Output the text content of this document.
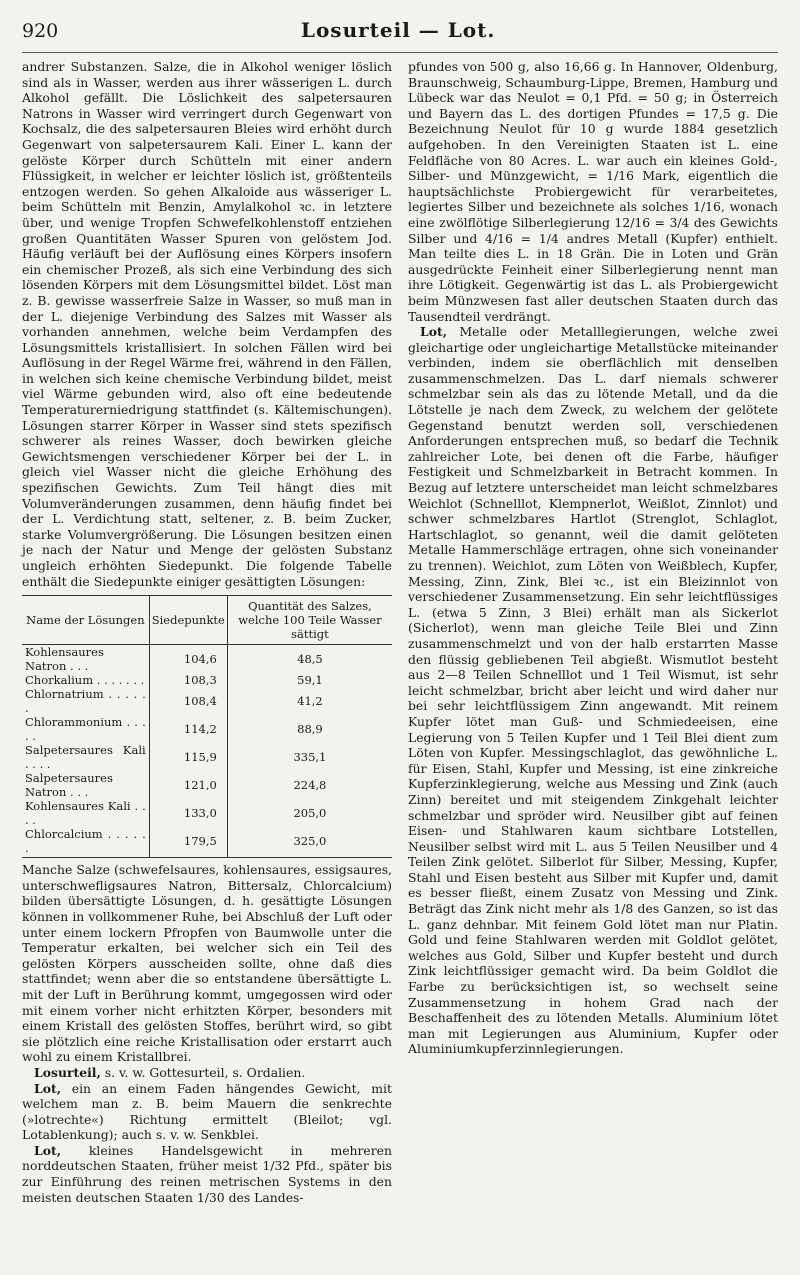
920	Losurteil — Lot.

andrer Substanzen. Salze, die in Alkohol weniger löslich sind als in Wasser, werden aus ihrer wässerigen L. durch Alkohol gefällt. Die Löslichkeit des salpetersauren Natrons in Wasser wird verringert durch Gegenwart von Kochsalz, die des salpetersauren Bleies wird erhöht durch Gegenwart von salpetersaurem Kali. Einer L. kann der gelöste Körper durch Schütteln mit einer andern Flüssigkeit, in welcher er leichter löslich ist, größtenteils entzogen werden. So gehen Alkaloide aus wässeriger L. beim Schütteln mit Benzin, Amylalkohol ꝛc. in letztere über, und wenige Tropfen Schwefelkohlenstoff entziehen großen Quantitäten Wasser Spuren von gelöstem Jod. Häufig verläuft bei der Auflösung eines Körpers insofern ein chemischer Prozeß, als sich eine Verbindung des sich lösenden Körpers mit dem Lösungsmittel bildet. Löst man z. B. gewisse wasserfreie Salze in Wasser, so muß man in der L. diejenige Verbindung des Salzes mit Wasser als vorhanden annehmen, welche beim Verdampfen des Lösungsmittels kristallisiert. In solchen Fällen wird bei Auflösung in der Regel Wärme frei, während in den Fällen, in welchen sich keine chemische Verbindung bildet, meist viel Wärme gebunden wird, also oft eine bedeutende Temperaturerniedrigung stattfindet (s. Kältemischungen). Lösungen starrer Körper in Wasser sind stets spezifisch schwerer als reines Wasser, doch bewirken gleiche Gewichtsmengen verschiedener Körper bei der L. in gleich viel Wasser nicht die gleiche Erhöhung des spezifischen Gewichts. Zum Teil hängt dies mit Volumveränderungen zusammen, denn häufig findet bei der L. Verdichtung statt, seltener, z. B. beim Zucker, starke Volumvergrößerung. Die Lösungen besitzen einen je nach der Natur und Menge der gelösten Substanz ungleich erhöhten Siedepunkt. Die folgende Tabelle enthält die Siedepunkte einiger gesättigten Lösungen:

Name der Lösungen	Siedepunkte	Quantität des Salzes, welche 100 Teile Wasser sättigt
Kohlensaures Natron . . .	104,6	48,5
Chorkalium . . . . . . .	108,3	59,1
Chlornatrium . . . . . .	108,4	41,2
Chlorammonium . . . . .	114,2	88,9
Salpetersaures Kali . . . .	115,9	335,1
Salpetersaures Natron . . .	121,0	224,8
Kohlensaures Kali . . . .	133,0	205,0
Chlorcalcium . . . . . .	179,5	325,0

Manche Salze (schwefelsaures, kohlensaures, essigsaures, unterschwefligsaures Natron, Bittersalz, Chlorcalcium) bilden übersättigte Lösungen, d. h. gesättigte Lösungen können in vollkommener Ruhe, bei Abschluß der Luft oder unter einem lockern Pfropfen von Baumwolle unter die Temperatur erkalten, bei welcher sich ein Teil des gelösten Körpers ausscheiden sollte, ohne daß dies stattfindet; wenn aber die so entstandene übersättigte L. mit der Luft in Berührung kommt, umgegossen wird oder mit einem vorher nicht erhitzten Körper, besonders mit einem Kristall des gelösten Stoffes, berührt wird, so gibt sie plötzlich eine reiche Kristallisation oder erstarrt auch wohl zu einem Kristallbrei.

Losurteil, s. v. w. Gottesurteil, s. Ordalien.

Lot, ein an einem Faden hängendes Gewicht, mit welchem man z. B. beim Mauern die senkrechte (»lotrechte«) Richtung ermittelt (Bleilot; vgl. Lotablenkung); auch s. v. w. Senkblei.

Lot, kleines Handelsgewicht in mehreren norddeutschen Staaten, früher meist 1/32 Pfd., später bis zur Einführung des reinen metrischen Systems in den meisten deutschen Staaten 1/30 des Landes-

pfundes von 500 g, also 16,66 g. In Hannover, Oldenburg, Braunschweig, Schaumburg-Lippe, Bremen, Hamburg und Lübeck war das Neulot = 0,1 Pfd. = 50 g; in Österreich und Bayern das L. des dortigen Pfundes = 17,5 g. Die Bezeichnung Neulot für 10 g wurde 1884 gesetzlich aufgehoben. In den Vereinigten Staaten ist L. eine Feldfläche von 80 Acres. L. war auch ein kleines Gold-, Silber- und Münzgewicht, = 1/16 Mark, eigentlich die hauptsächlichste Probiergewicht für verarbeitetes, legiertes Silber und bezeichnete als solches 1/16, wonach eine zwölflötige Silberlegierung 12/16 = 3/4 des Gewichts Silber und 4/16 = 1/4 andres Metall (Kupfer) enthielt. Man teilte dies L. in 18 Grän. Die in Loten und Grän ausgedrückte Feinheit einer Silberlegierung nennt man ihre Lötigkeit. Gegenwärtig ist das L. als Probiergewicht beim Münzwesen fast aller deutschen Staaten durch das Tausendteil verdrängt.

Lot, Metalle oder Metalllegierungen, welche zwei gleichartige oder ungleichartige Metallstücke miteinander verbinden, indem sie oberflächlich mit denselben zusammenschmelzen. Das L. darf niemals schwerer schmelzbar sein als das zu lötende Metall, und da die Lötstelle je nach dem Zweck, zu welchem der gelötete Gegenstand benutzt werden soll, verschiedenen Anforderungen entsprechen muß, so bedarf die Technik zahlreicher Lote, bei denen oft die Farbe, häufiger Festigkeit und Schmelzbarkeit in Betracht kommen. In Bezug auf letztere unterscheidet man leicht schmelzbares Weichlot (Schnelllot, Klempnerlot, Weißlot, Zinnlot) und schwer schmelzbares Hartlot (Strenglot, Schlaglot, Hartschlaglot, so genannt, weil die damit gelöteten Metalle Hammerschläge ertragen, ohne sich voneinander zu trennen). Weichlot, zum Löten von Weißblech, Kupfer, Messing, Zinn, Zink, Blei ꝛc., ist ein Bleizinnlot von verschiedener Zusammensetzung. Ein sehr leichtflüssiges L. (etwa 5 Zinn, 3 Blei) erhält man als Sickerlot (Sicherlot), wenn man gleiche Teile Blei und Zinn zusammenschmelzt und von der halb erstarrten Masse den flüssig gebliebenen Teil abgießt. Wismutlot besteht aus 2—8 Teilen Schnelllot und 1 Teil Wismut, ist sehr leicht schmelzbar, bricht aber leicht und wird daher nur bei sehr leichtflüssigem Zinn angewandt. Mit reinem Kupfer lötet man Guß- und Schmiedeeisen, eine Legierung von 5 Teilen Kupfer und 1 Teil Blei dient zum Löten von Kupfer. Messingschlaglot, das gewöhnliche L. für Eisen, Stahl, Kupfer und Messing, ist eine zinkreiche Kupferzinklegierung, welche aus Messing und Zink (auch Zinn) bereitet und mit steigendem Zinkgehalt leichter schmelzbar und spröder wird. Neusilber gibt auf feinen Eisen- und Stahlwaren kaum sichtbare Lotstellen, Neusilber selbst wird mit L. aus 5 Teilen Neusilber und 4 Teilen Zink gelötet. Silberlot für Silber, Messing, Kupfer, Stahl und Eisen besteht aus Silber mit Kupfer und, damit es besser fließt, einem Zusatz von Messing und Zink. Beträgt das Zink nicht mehr als 1/8 des Ganzen, so ist das L. ganz dehnbar. Mit feinem Gold lötet man nur Platin. Gold und feine Stahlwaren werden mit Goldlot gelötet, welches aus Gold, Silber und Kupfer besteht und durch Zink leichtflüssiger gemacht wird. Da beim Goldlot die Farbe zu berücksichtigen ist, so wechselt seine Zusammensetzung in hohem Grad nach der Beschaffenheit des zu lötenden Metalls. Aluminium lötet man mit Legierungen aus Aluminium, Kupfer oder Aluminiumkupferzinnlegierungen.
